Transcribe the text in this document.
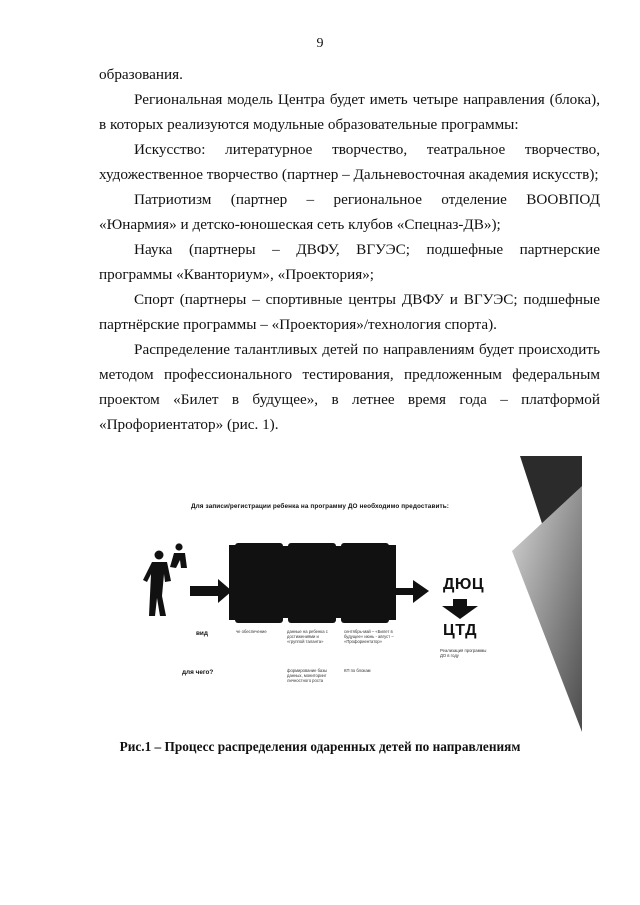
9

образования.

Региональная модель Центра будет иметь четыре направления (блока), в которых реализуются модульные образовательные программы:

Искусство: литературное творчество, театральное творчество, художественное творчество (партнер – Дальневосточная академия искусств);

Патриотизм (партнер – региональное отделение ВООВПОД «Юнармия» и детско-юношеская сеть клубов «Спецназ-ДВ»);

Наука (партнеры – ДВФУ, ВГУЭС; подшефные партнерские программы «Кванториум», «Проектория»;

Спорт (партнеры – спортивные центры ДВФУ и ВГУЭС; подшефные партнёрские программы – «Проектория»/технология спорта).

Распределение талантливых детей по направлениям будет происходить методом профессионального тестирования, предложенным федеральным проектом «Билет в будущее», в летнее время года – платформой «Профориентатор» (рис. 1).

Для записи/регистрации ребенка на программу ДО необходимо предоставить:
ДЮЦ
ЦТД
вид
для чего?
че обеспечение	данные на ребенка с достижениями и «группой таланта»
сентябрь-май – «Билет в будущее» июнь - август – «Профориентатор»
формирование базы данных, мониторинг личностного роста
КП по блокам
Реализация программы ДО в году
Рис.1 – Процесс распределения одаренных детей по направлениям
